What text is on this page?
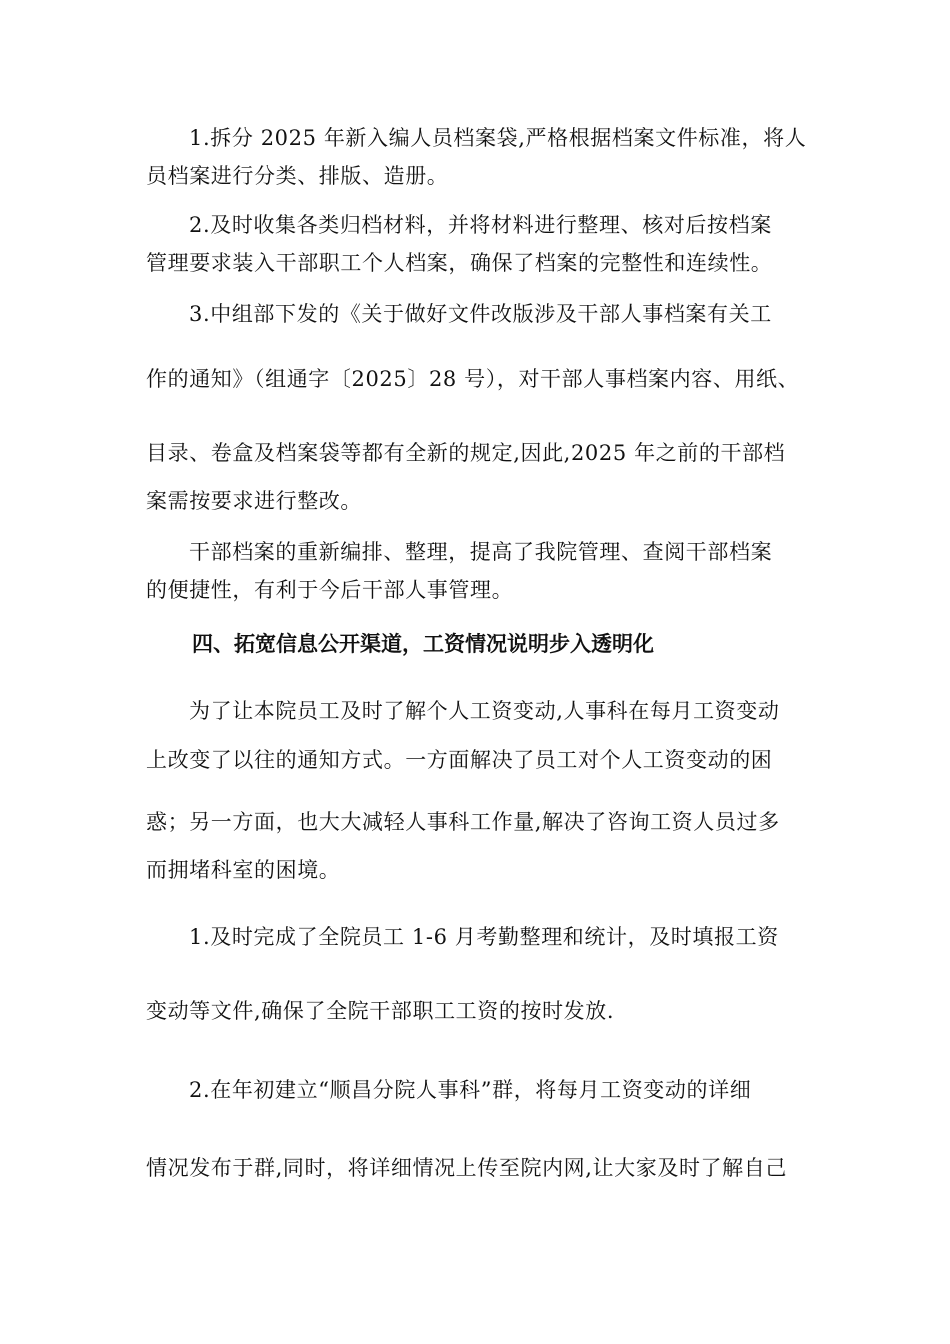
1.拆分 2025 年新入编人员档案袋,严格根据档案文件标准，将人
员档案进行分类、排版、造册。
2.及时收集各类归档材料，并将材料进行整理、核对后按档案
管理要求装入干部职工个人档案，确保了档案的完整性和连续性。
3.中组部下发的《关于做好文件改版涉及干部人事档案有关工
作的通知》（组通字〔2025〕28 号），对干部人事档案内容、用纸、
目录、卷盒及档案袋等都有全新的规定,因此,2025 年之前的干部档
案需按要求进行整改。
干部档案的重新编排、整理，提高了我院管理、查阅干部档案
的便捷性，有利于今后干部人事管理。
四、拓宽信息公开渠道，工资情况说明步入透明化
为了让本院员工及时了解个人工资变动,人事科在每月工资变动
上改变了以往的通知方式。一方面解决了员工对个人工资变动的困
惑；另一方面，也大大减轻人事科工作量,解决了咨询工资人员过多
而拥堵科室的困境。
1.及时完成了全院员工 1-6 月考勤整理和统计，及时填报工资
变动等文件,确保了全院干部职工工资的按时发放.
2.在年初建立“顺昌分院人事科”群，将每月工资变动的详细
情况发布于群,同时，将详细情况上传至院内网,让大家及时了解自己
